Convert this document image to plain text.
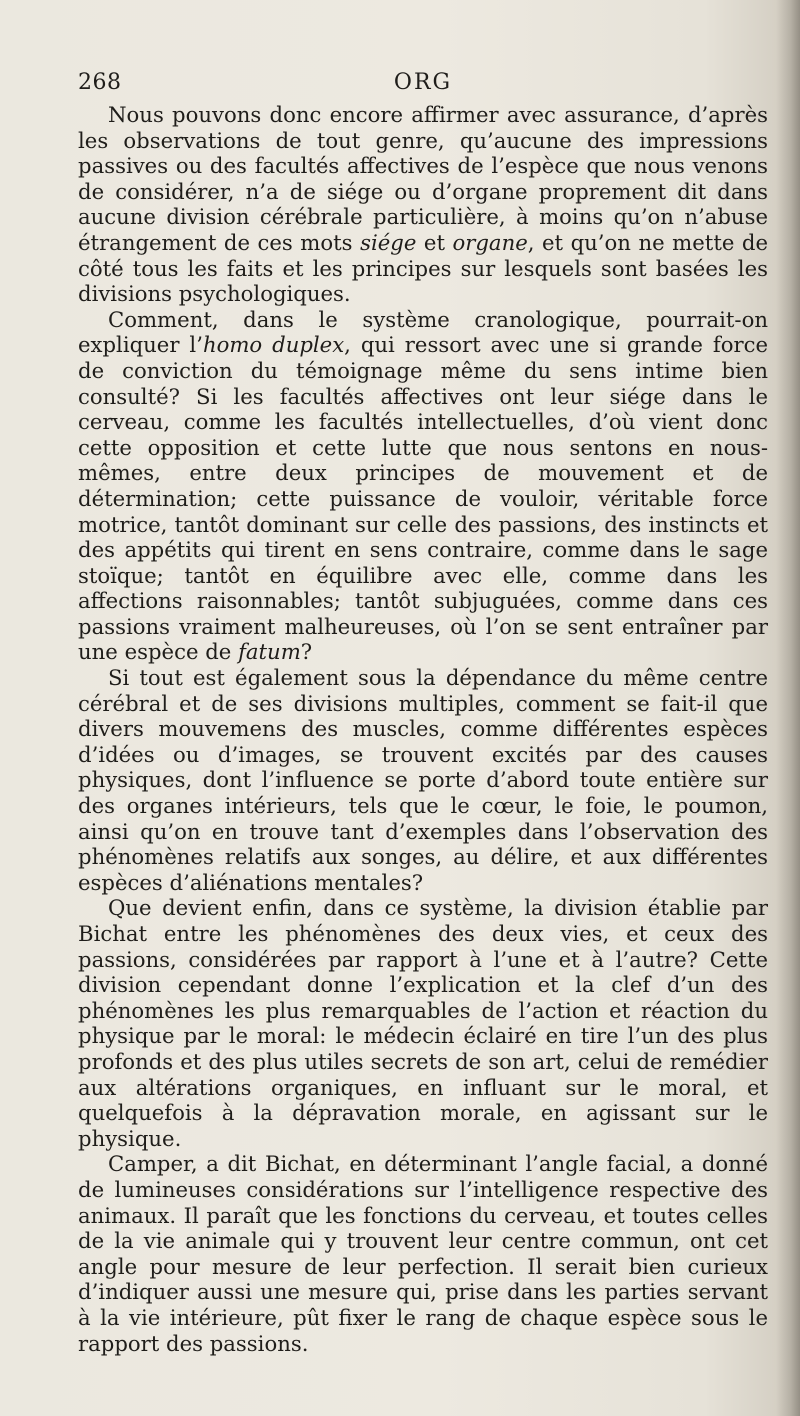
268	ORG

Nous pouvons donc encore affirmer avec assurance, d’après les observations de tout genre, qu’aucune des impressions passives ou des facultés affectives de l’espèce que nous venons de considérer, n’a de siége ou d’organe proprement dit dans aucune division cérébrale particulière, à moins qu’on n’abuse étrangement de ces mots siége et organe, et qu’on ne mette de côté tous les faits et les principes sur lesquels sont basées les divisions psychologiques.

Comment, dans le système cranologique, pourrait-on expliquer l’homo duplex, qui ressort avec une si grande force de conviction du témoignage même du sens intime bien consulté? Si les facultés affectives ont leur siége dans le cerveau, comme les facultés intellectuelles, d’où vient donc cette opposition et cette lutte que nous sentons en nous-mêmes, entre deux principes de mouvement et de détermination; cette puissance de vouloir, véritable force motrice, tantôt dominant sur celle des passions, des instincts et des appétits qui tirent en sens contraire, comme dans le sage stoïque; tantôt en équilibre avec elle, comme dans les affections raisonnables; tantôt subjuguées, comme dans ces passions vraiment malheureuses, où l’on se sent entraîner par une espèce de fatum?

Si tout est également sous la dépendance du même centre cérébral et de ses divisions multiples, comment se fait-il que divers mouvemens des muscles, comme différentes espèces d’idées ou d’images, se trouvent excités par des causes physiques, dont l’influence se porte d’abord toute entière sur des organes intérieurs, tels que le cœur, le foie, le poumon, ainsi qu’on en trouve tant d’exemples dans l’observation des phénomènes relatifs aux songes, au délire, et aux différentes espèces d’aliénations mentales?

Que devient enfin, dans ce système, la division établie par Bichat entre les phénomènes des deux vies, et ceux des passions, considérées par rapport à l’une et à l’autre? Cette division cependant donne l’explication et la clef d’un des phénomènes les plus remarquables de l’action et réaction du physique par le moral: le médecin éclairé en tire l’un des plus profonds et des plus utiles secrets de son art, celui de remédier aux altérations organiques, en influant sur le moral, et quelquefois à la dépravation morale, en agissant sur le physique.

Camper, a dit Bichat, en déterminant l’angle facial, a donné de lumineuses considérations sur l’intelligence respective des animaux. Il paraît que les fonctions du cerveau, et toutes celles de la vie animale qui y trouvent leur centre commun, ont cet angle pour mesure de leur perfection. Il serait bien curieux d’indiquer aussi une mesure qui, prise dans les parties servant à la vie intérieure, pût fixer le rang de chaque espèce sous le rapport des passions.
